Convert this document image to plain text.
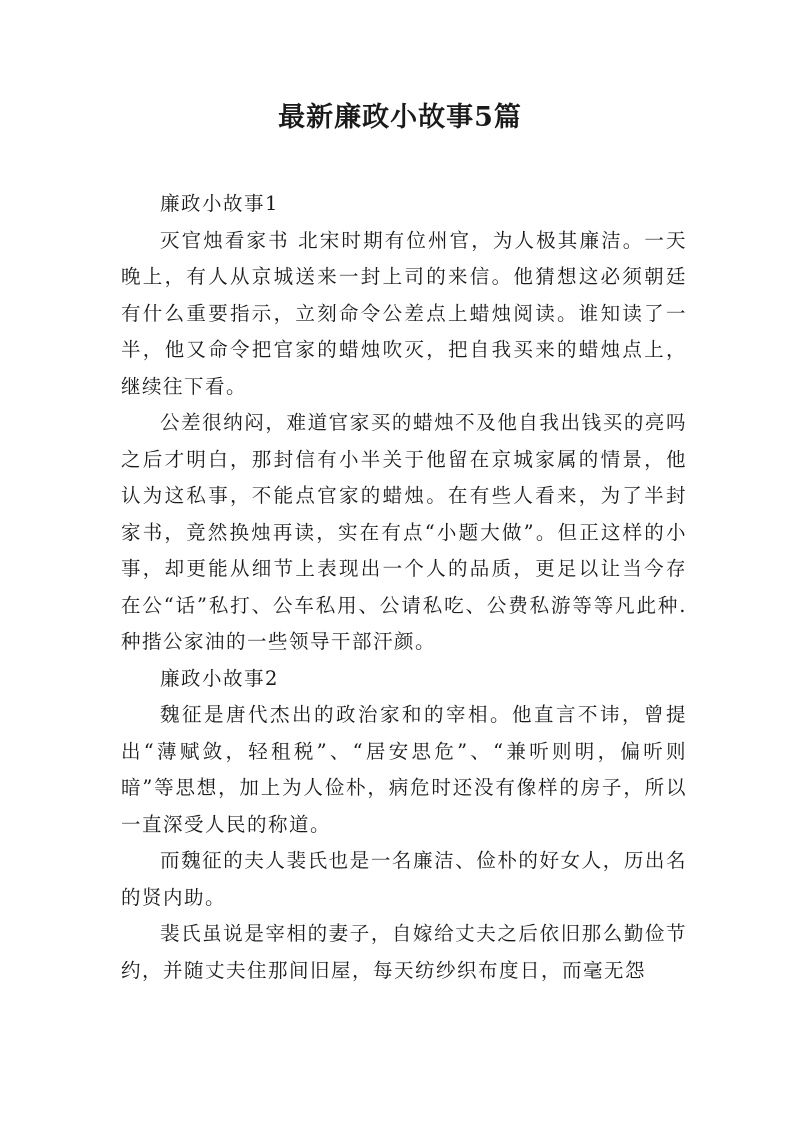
最新廉政小故事5篇

廉政小故事1

灭官烛看家书 北宋时期有位州官，为人极其廉洁。一天晚上，有人从京城送来一封上司的来信。他猜想这必须朝廷有什么重要指示，立刻命令公差点上蜡烛阅读。谁知读了一半，他又命令把官家的蜡烛吹灭，把自我买来的蜡烛点上，继续往下看。

公差很纳闷，难道官家买的蜡烛不及他自我出钱买的亮吗之后才明白，那封信有小半关于他留在京城家属的情景，他认为这私事，不能点官家的蜡烛。在有些人看来，为了半封家书，竟然换烛再读，实在有点“小题大做”。但正这样的小事，却更能从细节上表现出一个人的品质，更足以让当今存在公“话”私打、公车私用、公请私吃、公费私游等等凡此种.种揩公家油的一些领导干部汗颜。

廉政小故事2

魏征是唐代杰出的政治家和的宰相。他直言不讳，曾提出“薄赋敛，轻租税”、“居安思危”、“兼听则明，偏听则暗”等思想，加上为人俭朴，病危时还没有像样的房子，所以一直深受人民的称道。

而魏征的夫人裴氏也是一名廉洁、俭朴的好女人，历出名的贤内助。

裴氏虽说是宰相的妻子，自嫁给丈夫之后依旧那么勤俭节约，并随丈夫住那间旧屋，每天纺纱织布度日，而毫无怨
